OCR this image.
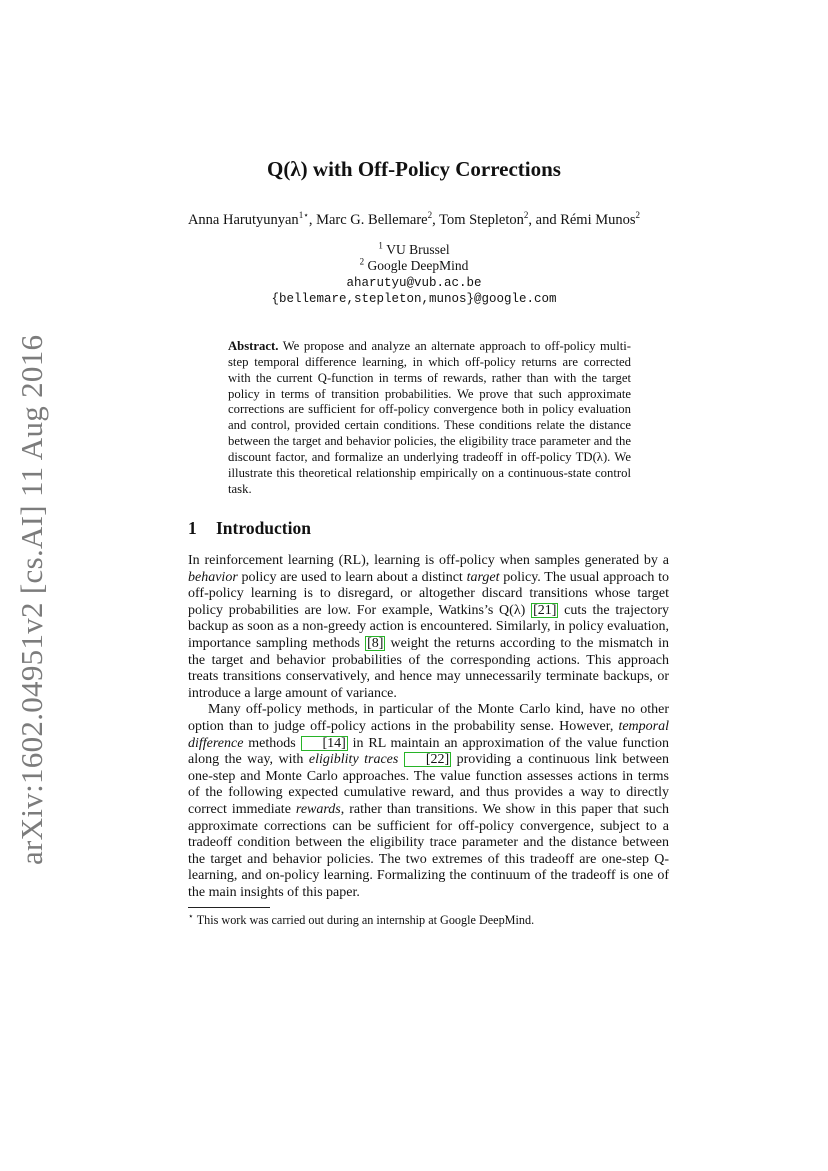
arXiv:1602.04951v2 [cs.AI] 11 Aug 2016
Q(λ) with Off-Policy Corrections
Anna Harutyunyan$^{1⋆}$, Marc G. Bellemare$^2$, Tom Stepleton$^2$, and Rémi Munos$^2$
$^1$ VU Brussel
$^2$ Google DeepMind
aharutyu@vub.ac.be
{bellemare,stepleton,munos}@google.com
Abstract. We propose and analyze an alternate approach to off-policy multi-step temporal difference learning, in which off-policy returns are corrected with the current Q-function in terms of rewards, rather than with the target policy in terms of transition probabilities. We prove that such approximate corrections are sufficient for off-policy convergence both in policy evaluation and control, provided certain conditions. These conditions relate the distance between the target and behavior policies, the eligibility trace parameter and the discount factor, and formalize an underlying tradeoff in off-policy TD(λ). We illustrate this theoretical relationship empirically on a continuous-state control task.
1 Introduction

In reinforcement learning (RL), learning is off-policy when samples generated by a behavior policy are used to learn about a distinct target policy. The usual approach to off-policy learning is to disregard, or altogether discard transitions whose target policy probabilities are low. For example, Watkins’s Q(λ) [21] cuts the trajectory backup as soon as a non-greedy action is encountered. Similarly, in policy evaluation, importance sampling methods [8] weight the returns according to the mismatch in the target and behavior probabilities of the corresponding actions. This approach treats transitions conservatively, and hence may unnecessarily terminate backups, or introduce a large amount of variance.

Many off-policy methods, in particular of the Monte Carlo kind, have no other option than to judge off-policy actions in the probability sense. However, temporal difference methods [14] in RL maintain an approximation of the value function along the way, with eligiblity traces [22] providing a continuous link between one-step and Monte Carlo approaches. The value function assesses actions in terms of the following expected cumulative reward, and thus provides a way to directly correct immediate rewards, rather than transitions. We show in this paper that such approximate corrections can be sufficient for off-policy convergence, subject to a tradeoff condition between the eligibility trace parameter and the distance between the target and behavior policies. The two extremes of this tradeoff are one-step Q-learning, and on-policy learning. Formalizing the continuum of the tradeoff is one of the main insights of this paper.

⋆ This work was carried out during an internship at Google DeepMind.
